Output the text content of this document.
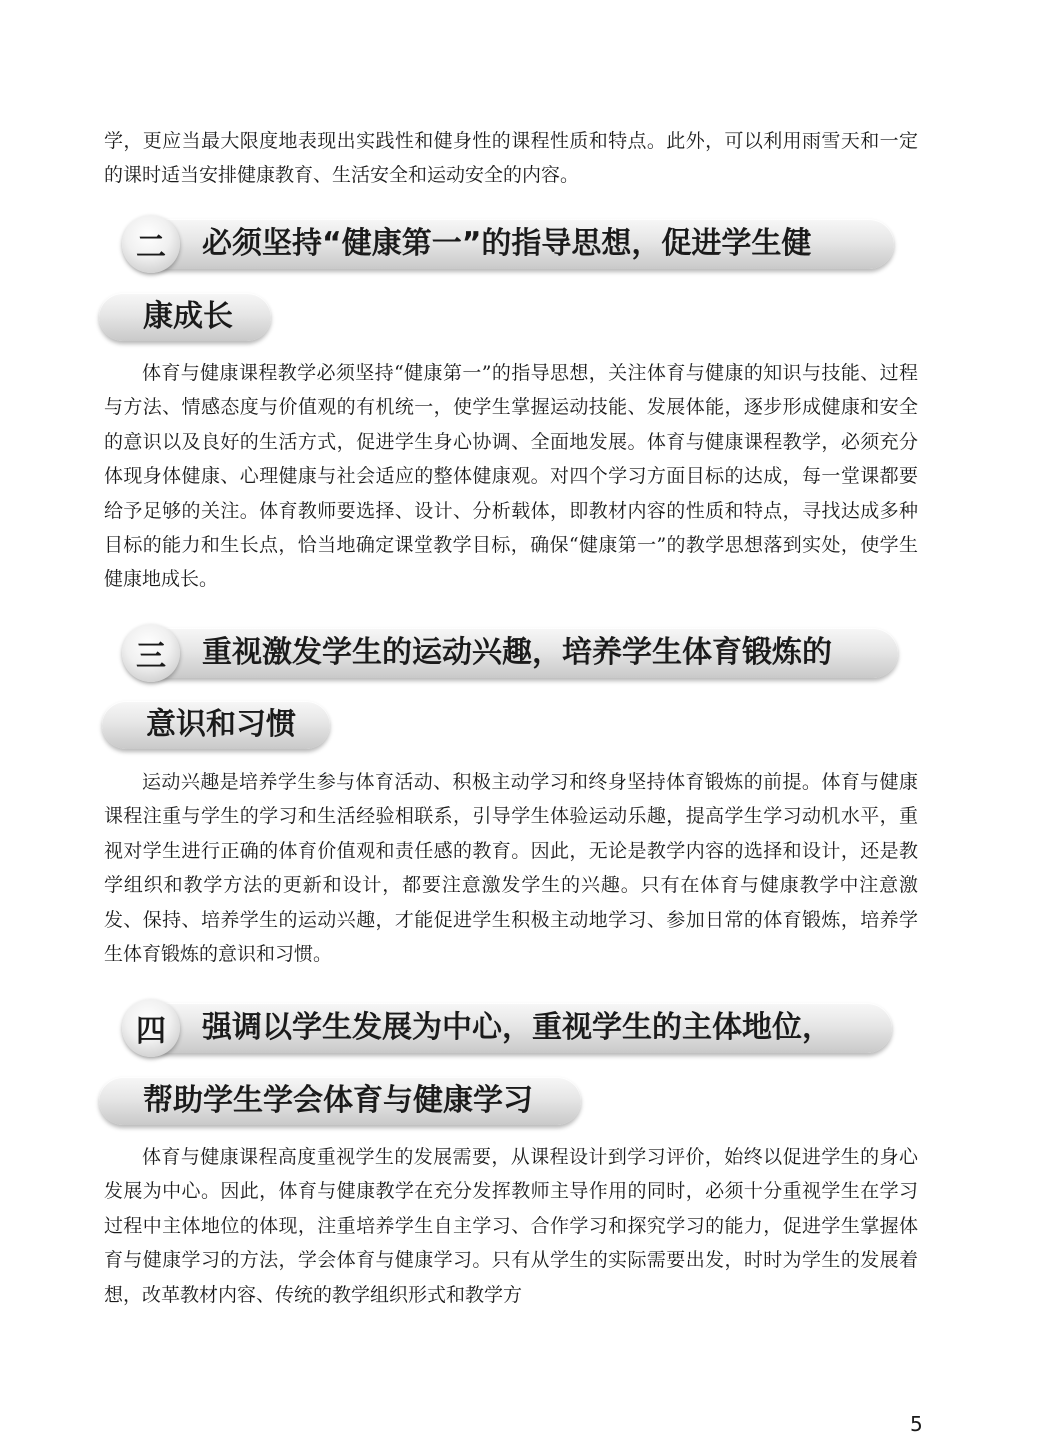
学，更应当最大限度地表现出实践性和健身性的课程性质和特点。此外，可以利用雨雪天和一定的课时适当安排健康教育、生活安全和运动安全的内容。

二	必须坚持“健康第一”的指导思想，促进学生健
康成长

体育与健康课程教学必须坚持“健康第一”的指导思想，关注体育与健康的知识与技能、过程与方法、情感态度与价值观的有机统一，使学生掌握运动技能、发展体能，逐步形成健康和安全的意识以及良好的生活方式，促进学生身心协调、全面地发展。体育与健康课程教学，必须充分体现身体健康、心理健康与社会适应的整体健康观。对四个学习方面目标的达成，每一堂课都要给予足够的关注。体育教师要选择、设计、分析载体，即教材内容的性质和特点，寻找达成多种目标的能力和生长点，恰当地确定课堂教学目标，确保“健康第一”的教学思想落到实处，使学生健康地成长。

三	重视激发学生的运动兴趣，培养学生体育锻炼的
意识和习惯

运动兴趣是培养学生参与体育活动、积极主动学习和终身坚持体育锻炼的前提。体育与健康课程注重与学生的学习和生活经验相联系，引导学生体验运动乐趣，提高学生学习动机水平，重视对学生进行正确的体育价值观和责任感的教育。因此，无论是教学内容的选择和设计，还是教学组织和教学方法的更新和设计，都要注意激发学生的兴趣。只有在体育与健康教学中注意激发、保持、培养学生的运动兴趣，才能促进学生积极主动地学习、参加日常的体育锻炼，培养学生体育锻炼的意识和习惯。

四	强调以学生发展为中心，重视学生的主体地位，
帮助学生学会体育与健康学习

体育与健康课程高度重视学生的发展需要，从课程设计到学习评价，始终以促进学生的身心发展为中心。因此，体育与健康教学在充分发挥教师主导作用的同时，必须十分重视学生在学习过程中主体地位的体现，注重培养学生自主学习、合作学习和探究学习的能力，促进学生掌握体育与健康学习的方法，学会体育与健康学习。只有从学生的实际需要出发，时时为学生的发展着想，改革教材内容、传统的教学组织形式和教学方

5
